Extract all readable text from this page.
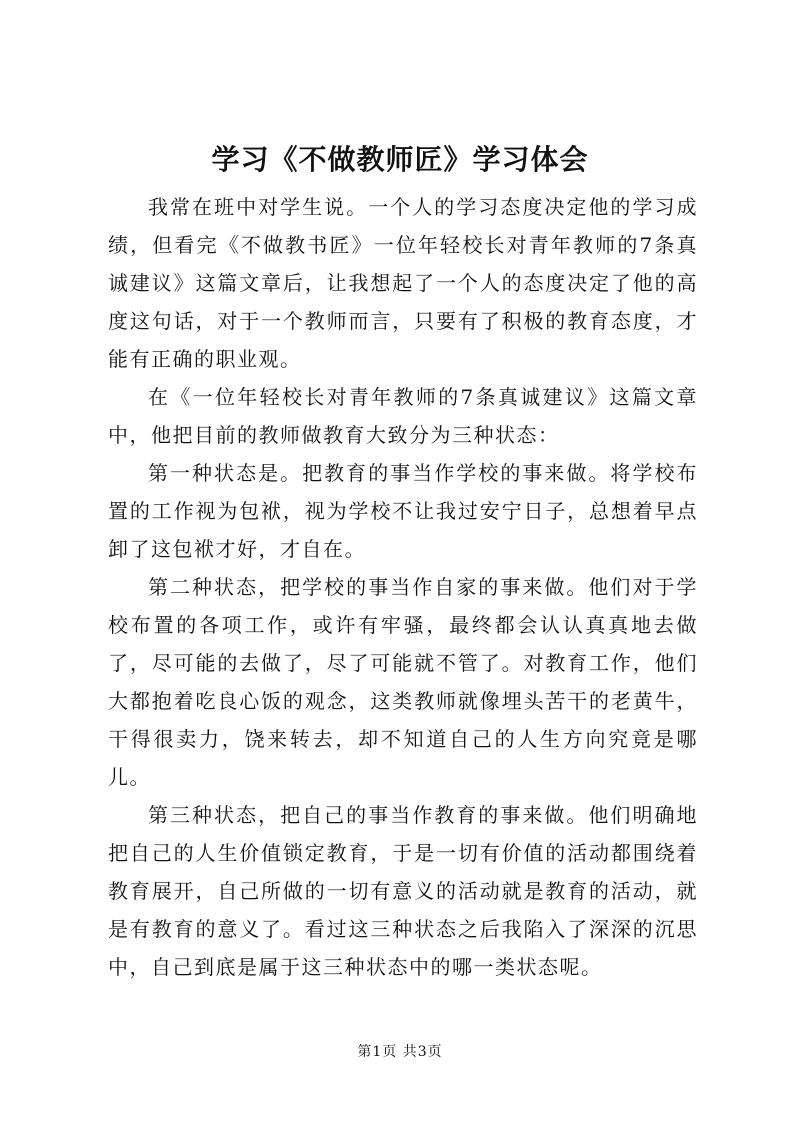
学习《不做教师匠》学习体会

我常在班中对学生说。一个人的学习态度决定他的学习成绩，但看完《不做教书匠》一位年轻校长对青年教师的7条真诚建议》这篇文章后，让我想起了一个人的态度决定了他的高度这句话，对于一个教师而言，只要有了积极的教育态度，才能有正确的职业观。

在《一位年轻校长对青年教师的7条真诚建议》这篇文章中，他把目前的教师做教育大致分为三种状态：

第一种状态是。把教育的事当作学校的事来做。将学校布置的工作视为包袱，视为学校不让我过安宁日子，总想着早点卸了这包袱才好，才自在。

第二种状态，把学校的事当作自家的事来做。他们对于学校布置的各项工作，或许有牢骚，最终都会认认真真地去做了，尽可能的去做了，尽了可能就不管了。对教育工作，他们大都抱着吃良心饭的观念，这类教师就像埋头苦干的老黄牛，干得很卖力，饶来转去，却不知道自己的人生方向究竟是哪儿。

第三种状态，把自己的事当作教育的事来做。他们明确地把自己的人生价值锁定教育，于是一切有价值的活动都围绕着教育展开，自己所做的一切有意义的活动就是教育的活动，就是有教育的意义了。看过这三种状态之后我陷入了深深的沉思中，自己到底是属于这三种状态中的哪一类状态呢。

第1页 共3页
